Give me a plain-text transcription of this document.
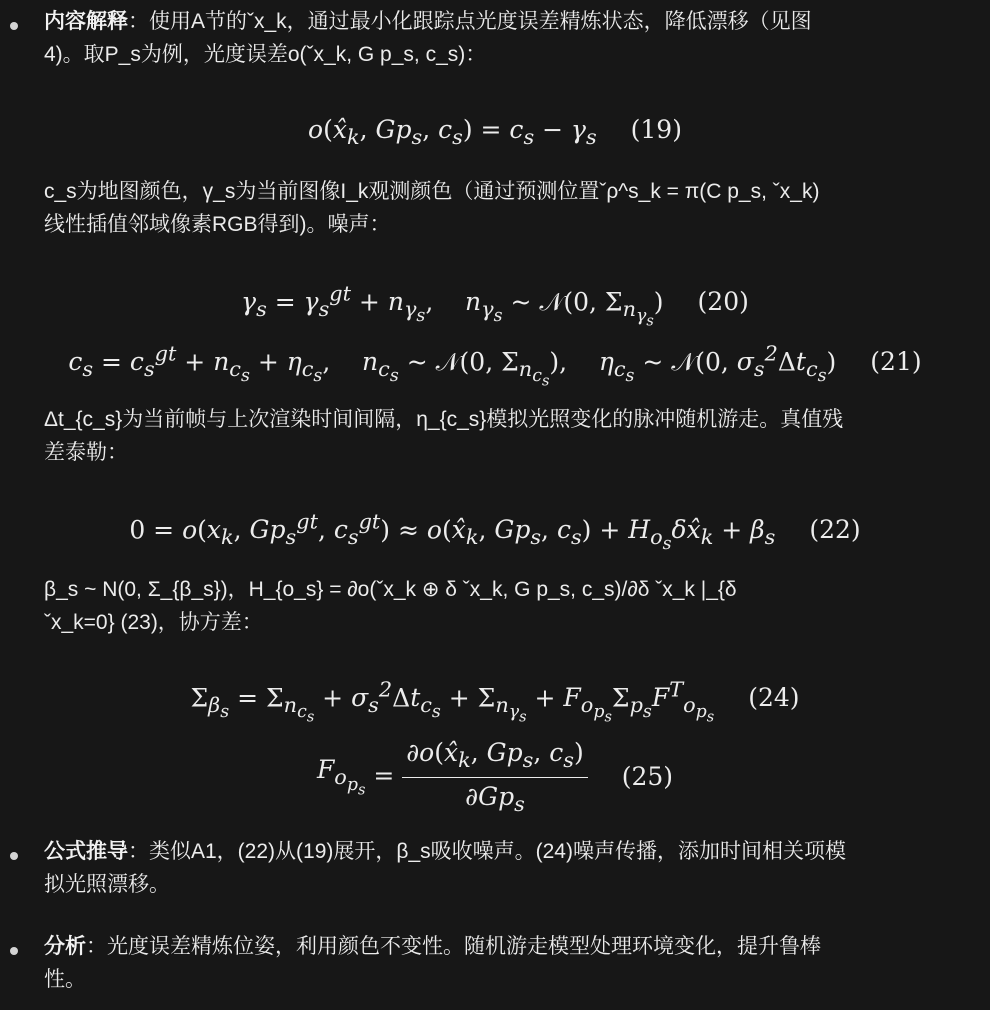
内容解释：使用A节的ˇx_k，通过最小化跟踪点光度误差精炼状态，降低漂移（见图
4)。取P_s为例，光度误差o(ˇx_k, G p_s, c_s)：

$o(x̂_k$, $Gp_s$, $c_s) = c_s - \gamma_s$ (19)

c_s为地图颜色，γ_s为当前图像I_k观测颜色（通过预测位置ˇρ^s_k = π(C p_s, ˇx_k)
线性插值邻域像素RGB得到)。噪声：

$\gamma_s = \gamma_s^{gt} + n_{\gamma_s}$,    $n_{\gamma_s}$ ~ 𝒩(0, $\Sigma_{n_{\gamma_s}}$) (20)
$c_s = c_s^{gt} + n_{c_s} + \eta_{c_s}$,    $n_{c_s}$ ~ 𝒩(0, $\Sigma_{n_{c_s}}$),    $\eta_{c_s}$ ~ 𝒩(0, $\sigma_s^2\Delta t_{c_s}$) (21)

Δt_{c_s}为当前帧与上次渲染时间间隔，η_{c_s}模拟光照变化的脉冲随机游走。真值残
差泰勒：

$0 = o(x_k$, $Gp_s^{gt}$, $c_s^{gt}$) ≈ $o(x̂_k$, $Gp_s$, $c_s$) + $H_{o_s}\delta x̂_k + \beta_s$ (22)

β_s ~ N(0, Σ_{β_s})，H_{o_s} = ∂o(ˇx_k ⊕ δ ˇx_k, G p_s, c_s)/∂δ ˇx_k |_{δ
ˇx_k=0} (23)，协方差：

$\Sigma_{\beta_s} = \Sigma_{n_{c_s}} + \sigma_s^2\Delta t_{c_s} + \Sigma_{n_{\gamma_s}} + F_{o_{p_s}}\Sigma_{p_s}F^T_{o_{p_s}}(24)$
$F_{o_{p_s}} = \frac{\partial o(x̂_k, Gp_s, c_s)}{\partial Gp_s} (25)$

公式推导：类似A1，(22)从(19)展开，β_s吸收噪声。(24)噪声传播，添加时间相关项模
拟光照漂移。

分析：光度误差精炼位姿，利用颜色不变性。随机游走模型处理环境变化，提升鲁棒
性。
